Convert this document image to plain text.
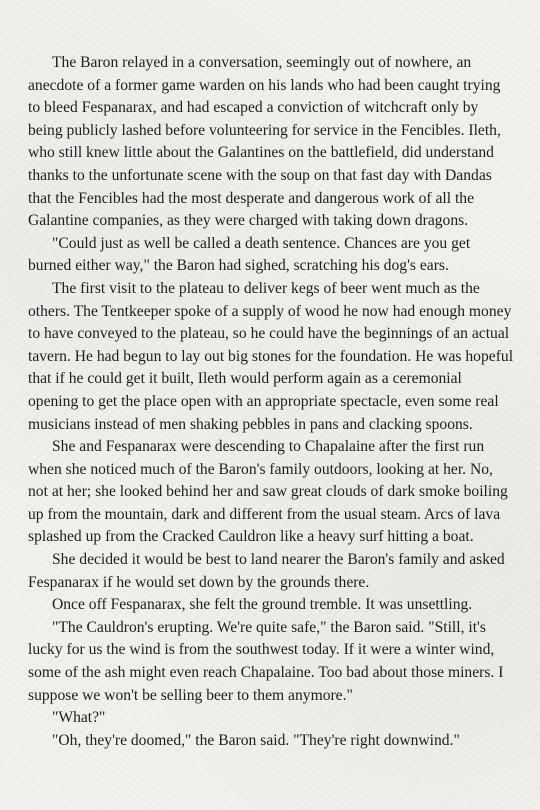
The Baron relayed in a conversation, seemingly out of nowhere, an anecdote of a former game warden on his lands who had been caught trying to bleed Fespanarax, and had escaped a conviction of witchcraft only by being publicly lashed before volunteering for service in the Fencibles. Ileth, who still knew little about the Galantines on the battlefield, did understand thanks to the unfortunate scene with the soup on that fast day with Dandas that the Fencibles had the most desperate and dangerous work of all the Galantine companies, as they were charged with taking down dragons.

"Could just as well be called a death sentence. Chances are you get burned either way," the Baron had sighed, scratching his dog's ears.

The first visit to the plateau to deliver kegs of beer went much as the others. The Tentkeeper spoke of a supply of wood he now had enough money to have conveyed to the plateau, so he could have the beginnings of an actual tavern. He had begun to lay out big stones for the foundation. He was hopeful that if he could get it built, Ileth would perform again as a ceremonial opening to get the place open with an appropriate spectacle, even some real musicians instead of men shaking pebbles in pans and clacking spoons.

She and Fespanarax were descending to Chapalaine after the first run when she noticed much of the Baron's family outdoors, looking at her. No, not at her; she looked behind her and saw great clouds of dark smoke boiling up from the mountain, dark and different from the usual steam. Arcs of lava splashed up from the Cracked Cauldron like a heavy surf hitting a boat.

She decided it would be best to land nearer the Baron's family and asked Fespanarax if he would set down by the grounds there.

Once off Fespanarax, she felt the ground tremble. It was unsettling.

"The Cauldron's erupting. We're quite safe," the Baron said. "Still, it's lucky for us the wind is from the southwest today. If it were a winter wind, some of the ash might even reach Chapalaine. Too bad about those miners. I suppose we won't be selling beer to them anymore."

"What?"

"Oh, they're doomed," the Baron said. "They're right downwind."
